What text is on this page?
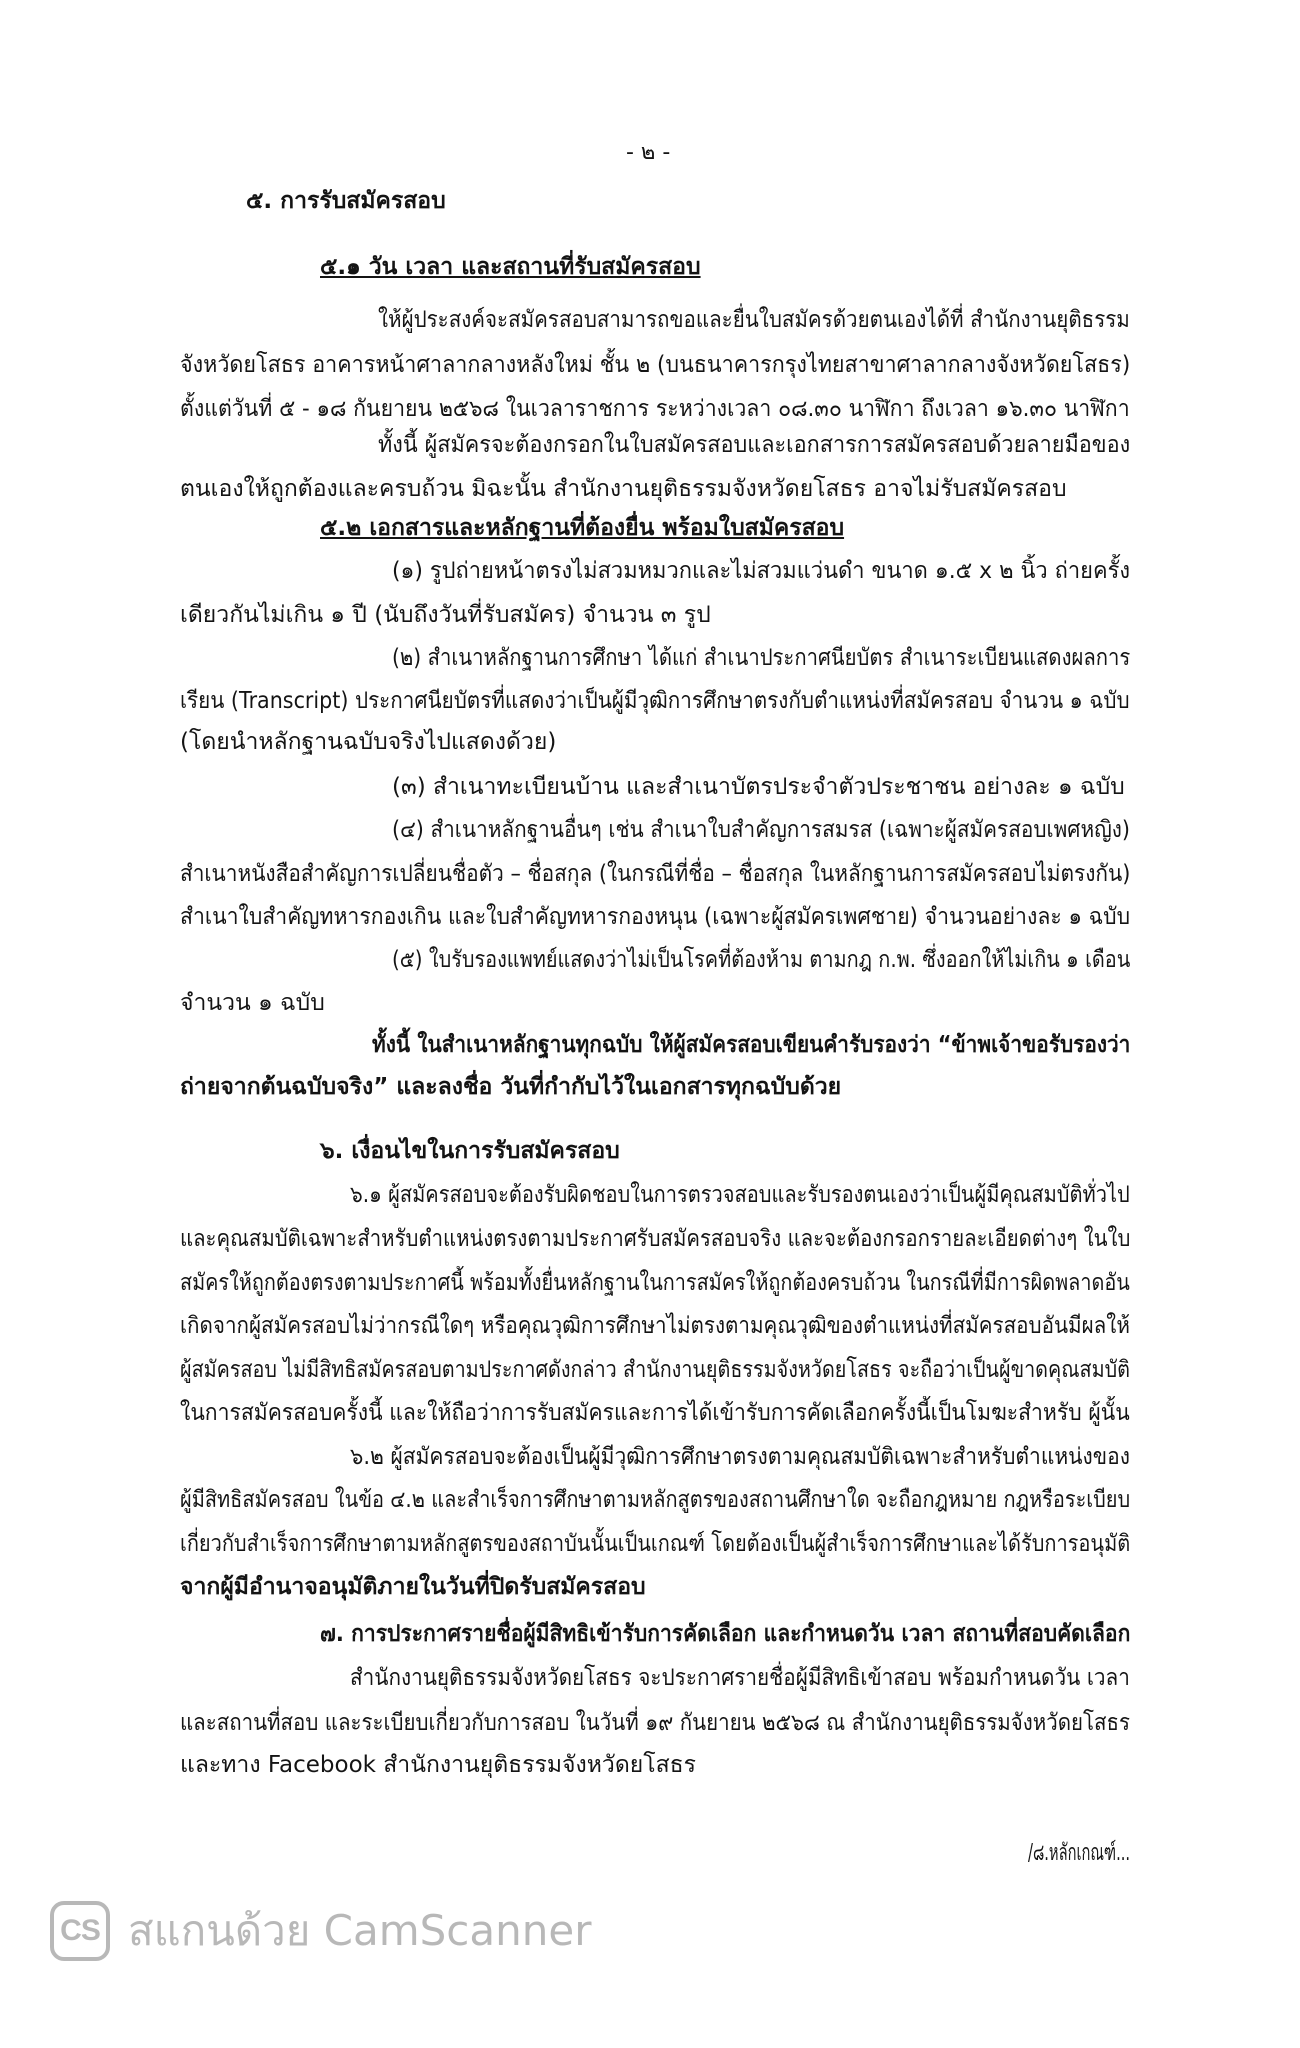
- ๒ -
๕. การรับสมัครสอบ
๕.๑ วัน เวลา และสถานที่รับสมัครสอบ
ให้ผู้ประสงค์จะสมัครสอบสามารถขอและยื่นใบสมัครด้วยตนเองได้ที่ สำนักงานยุติธรรม
จังหวัดยโสธร อาคารหน้าศาลากลางหลังใหม่ ชั้น ๒ (บนธนาคารกรุงไทยสาขาศาลากลางจังหวัดยโสธร)
ตั้งแต่วันที่ ๕ - ๑๘ กันยายน ๒๕๖๘ ในเวลาราชการ ระหว่างเวลา ๐๘.๓๐ นาฬิกา ถึงเวลา ๑๖.๓๐ นาฬิกา
ทั้งนี้ ผู้สมัครจะต้องกรอกในใบสมัครสอบและเอกสารการสมัครสอบด้วยลายมือของ
ตนเองให้ถูกต้องและครบถ้วน มิฉะนั้น สำนักงานยุติธรรมจังหวัดยโสธร อาจไม่รับสมัครสอบ
๕.๒ เอกสารและหลักฐานที่ต้องยื่น พร้อมใบสมัครสอบ
(๑) รูปถ่ายหน้าตรงไม่สวมหมวกและไม่สวมแว่นดำ ขนาด ๑.๕ x ๒ นิ้ว ถ่ายครั้ง
เดียวกันไม่เกิน ๑ ปี (นับถึงวันที่รับสมัคร) จำนวน ๓ รูป
(๒) สำเนาหลักฐานการศึกษา ได้แก่ สำเนาประกาศนียบัตร สำเนาระเบียนแสดงผลการ
เรียน (Transcript) ประกาศนียบัตรที่แสดงว่าเป็นผู้มีวุฒิการศึกษาตรงกับตำแหน่งที่สมัครสอบ จำนวน ๑ ฉบับ
(โดยนำหลักฐานฉบับจริงไปแสดงด้วย)
(๓) สำเนาทะเบียนบ้าน และสำเนาบัตรประจำตัวประชาชน อย่างละ ๑ ฉบับ
(๔) สำเนาหลักฐานอื่นๆ เช่น สำเนาใบสำคัญการสมรส (เฉพาะผู้สมัครสอบเพศหญิง)
สำเนาหนังสือสำคัญการเปลี่ยนชื่อตัว – ชื่อสกุล (ในกรณีที่ชื่อ – ชื่อสกุล ในหลักฐานการสมัครสอบไม่ตรงกัน)
สำเนาใบสำคัญทหารกองเกิน และใบสำคัญทหารกองหนุน (เฉพาะผู้สมัครเพศชาย) จำนวนอย่างละ ๑ ฉบับ
(๕) ใบรับรองแพทย์แสดงว่าไม่เป็นโรคที่ต้องห้าม ตามกฎ ก.พ. ซึ่งออกให้ไม่เกิน ๑ เดือน
จำนวน ๑ ฉบับ
ทั้งนี้ ในสำเนาหลักฐานทุกฉบับ ให้ผู้สมัครสอบเขียนคำรับรองว่า “ข้าพเจ้าขอรับรองว่า
ถ่ายจากต้นฉบับจริง” และลงชื่อ วันที่กำกับไว้ในเอกสารทุกฉบับด้วย
๖. เงื่อนไขในการรับสมัครสอบ
๖.๑ ผู้สมัครสอบจะต้องรับผิดชอบในการตรวจสอบและรับรองตนเองว่าเป็นผู้มีคุณสมบัติทั่วไป
และคุณสมบัติเฉพาะสำหรับตำแหน่งตรงตามประกาศรับสมัครสอบจริง และจะต้องกรอกรายละเอียดต่างๆ ในใบ
สมัครให้ถูกต้องตรงตามประกาศนี้ พร้อมทั้งยื่นหลักฐานในการสมัครให้ถูกต้องครบถ้วน ในกรณีที่มีการผิดพลาดอัน
เกิดจากผู้สมัครสอบไม่ว่ากรณีใดๆ หรือคุณวุฒิการศึกษาไม่ตรงตามคุณวุฒิของตำแหน่งที่สมัครสอบอันมีผลให้
ผู้สมัครสอบ ไม่มีสิทธิสมัครสอบตามประกาศดังกล่าว สำนักงานยุติธรรมจังหวัดยโสธร จะถือว่าเป็นผู้ขาดคุณสมบัติ
ในการสมัครสอบครั้งนี้ และให้ถือว่าการรับสมัครและการได้เข้ารับการคัดเลือกครั้งนี้เป็นโมฆะสำหรับ ผู้นั้น
๖.๒ ผู้สมัครสอบจะต้องเป็นผู้มีวุฒิการศึกษาตรงตามคุณสมบัติเฉพาะสำหรับตำแหน่งของ
ผู้มีสิทธิสมัครสอบ ในข้อ ๔.๒ และสำเร็จการศึกษาตามหลักสูตรของสถานศึกษาใด จะถือกฎหมาย กฎหรือระเบียบ
เกี่ยวกับสำเร็จการศึกษาตามหลักสูตรของสถาบันนั้นเป็นเกณฑ์ โดยต้องเป็นผู้สำเร็จการศึกษาและได้รับการอนุมัติ
จากผู้มีอำนาจอนุมัติภายในวันที่ปิดรับสมัครสอบ
๗. การประกาศรายชื่อผู้มีสิทธิเข้ารับการคัดเลือก และกำหนดวัน เวลา สถานที่สอบคัดเลือก
สำนักงานยุติธรรมจังหวัดยโสธร จะประกาศรายชื่อผู้มีสิทธิเข้าสอบ พร้อมกำหนดวัน เวลา
และสถานที่สอบ และระเบียบเกี่ยวกับการสอบ ในวันที่ ๑๙ กันยายน ๒๕๖๘ ณ สำนักงานยุติธรรมจังหวัดยโสธร
และทาง Facebook สำนักงานยุติธรรมจังหวัดยโสธร
/๘.หลักเกณฑ์...
CS สแกนด้วย CamScanner
